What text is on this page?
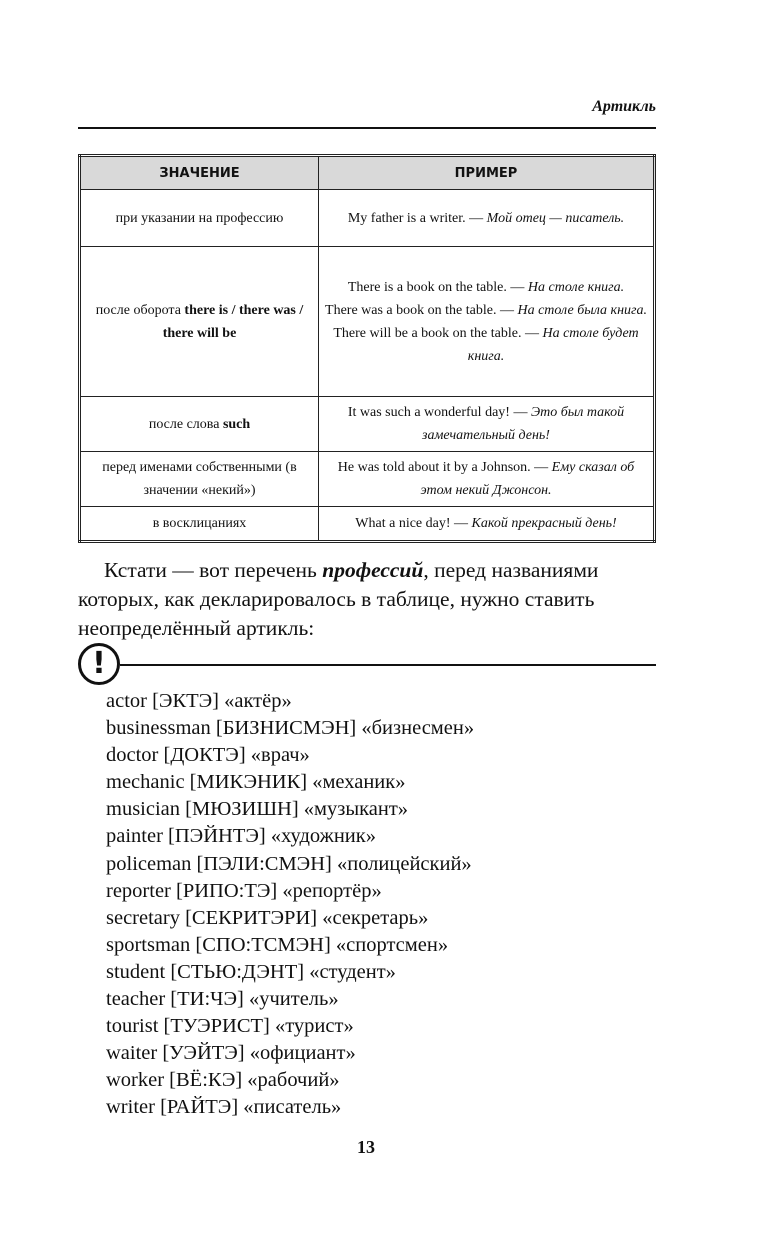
Артикль
ЗНАЧЕНИЕ	ПРИМЕР
при указании на профессию	My father is a writer. — Мой отец — писатель.

после оборота there is / there was / there will be	There is a book on the table. — На столе книга.
There was a book on the table. — На столе была книга.
There will be a book on the table. — На столе будет книга.

после слова such	It was such a wonderful day! — Это был такой замечательный день!

перед именами собственными (в значении «некий»)	He was told about it by a Johnson. — Ему сказал об этом некий Джонсон.

в восклицаниях	What a nice day! — Какой прекрасный день!
Кстати — вот перечень профессий, перед названиями которых, как декларировалось в таблице, нужно ставить неопределённый артикль:
!
actor [ЭКТЭ] «актёр»
businessman [БИЗНИСМЭН] «бизнесмен»
doctor [ДОКТЭ] «врач»
mechanic [МИКЭНИК] «механик»
musician [МЮЗИШН] «музыкант»
painter [ПЭЙНТЭ] «художник»
policeman [ПЭЛИ:СМЭН] «полицейский»
reporter [РИПО:ТЭ] «репортёр»
secretary [СЕКРИТЭРИ] «секретарь»
sportsman [СПО:ТСМЭН] «спортсмен»
student [СТЬЮ:ДЭНТ] «студент»
teacher [ТИ:ЧЭ] «учитель»
tourist [ТУЭРИСТ] «турист»
waiter [УЭЙТЭ] «официант»
worker [ВЁ:КЭ] «рабочий»
writer [РАЙТЭ] «писатель»
13
